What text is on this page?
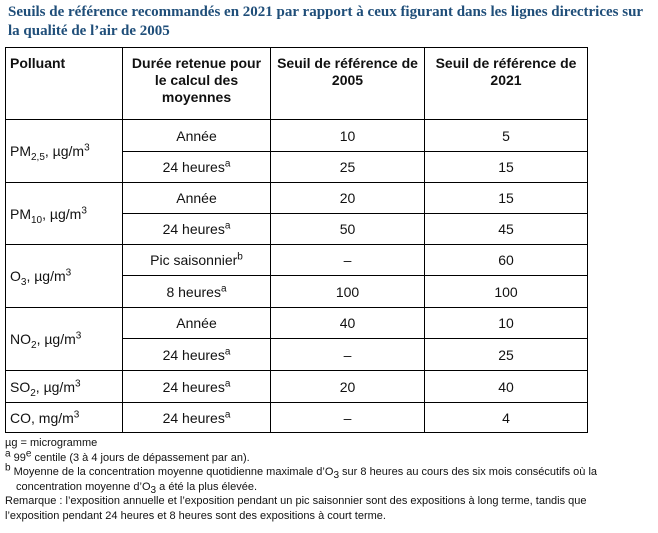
Seuils de référence recommandés en 2021 par rapport à ceux figurant dans les lignes directrices sur la qualité de l’air de 2005
Polluant	Durée retenue pour le calcul des moyennes	Seuil de référence de 2005	Seuil de référence de 2021
$PM_{2,5}$, $\mu g/m^3$	Année	10	5
	24 heures$^a$	25	15
$PM_{10}$, $\mu g/m^3$	Année	20	15
	24 heures$^a$	50	45
$O_3$, $\mu g/m^3$	Pic saisonnier$^b$	–	60
	8 heures$^a$	100	100
$NO_2$, $\mu g/m^3$	Année	40	10
	24 heures$^a$	–	25
$SO_2$, $\mu g/m^3$	24 heures$^a$	20	40
CO, $mg/m^3$	24 heures$^a$	–	4

µg = microgramme

$^a$ 99e centile (3 à 4 jours de dépassement par an).

$^b$ Moyenne de la concentration moyenne quotidienne maximale $d’O_3$ sur 8 heures au cours des six mois consécutifs où la

concentration moyenne $d’O_3$ a été la plus élevée.

Remarque : l’exposition annuelle et l’exposition pendant un pic saisonnier sont des expositions à long terme, tandis que

l’exposition pendant 24 heures et 8 heures sont des expositions à court terme.
